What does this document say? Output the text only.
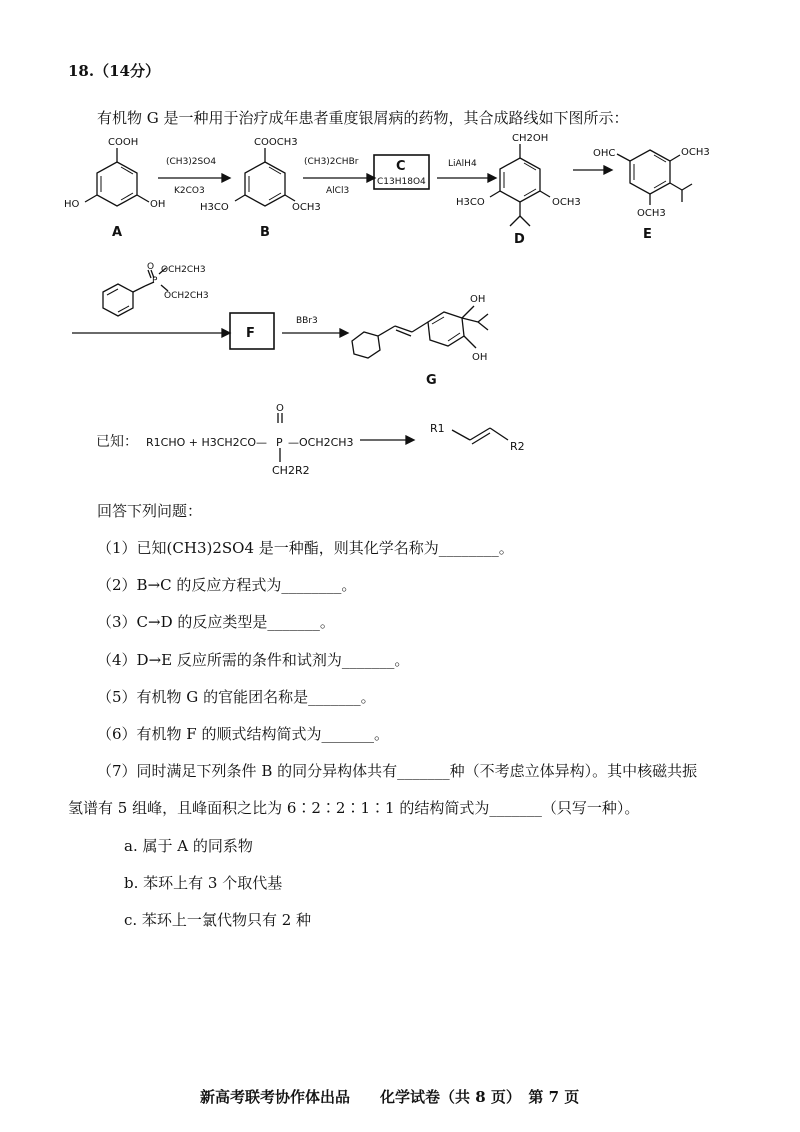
18.（14分）
有机物 G 是一种用于治疗成年患者重度银屑病的药物，其合成路线如下图所示：
COOH
HO	OH
A
(CH3)2SO4
K2CO3
COOCH3
H3CO	OCH3
B
(CH3)2CHBr
AlCl3
C
C13H18O4
LiAlH4
CH2OH
H3CO	OCH3
D
OHC	OCH3
OCH3
E
O
P
OCH2CH3
OCH2CH3
F
BBr3
OH
OH
G
已知： R1CHO + H3CH2CO— P
O
—OCH2CH3
CH2R2
R1
R2
回答下列问题：
（1）已知(CH3)2SO4 是一种酯，则其化学名称为________。
（2）B→C 的反应方程式为________。
（3）C→D 的反应类型是_______。
（4）D→E 反应所需的条件和试剂为_______。
（5）有机物 G 的官能团名称是_______。
（6）有机物 F 的顺式结构简式为_______。
（7）同时满足下列条件 B 的同分异构体共有_______种（不考虑立体异构）。其中核磁共振
氢谱有 5 组峰，且峰面积之比为 6∶2∶2∶1∶1 的结构简式为_______（只写一种）。
a. 属于 A 的同系物
b. 苯环上有 3 个取代基
c. 苯环上一氯代物只有 2 种
新高考联考协作体出品　　化学试卷（共 8 页）　第 7 页
